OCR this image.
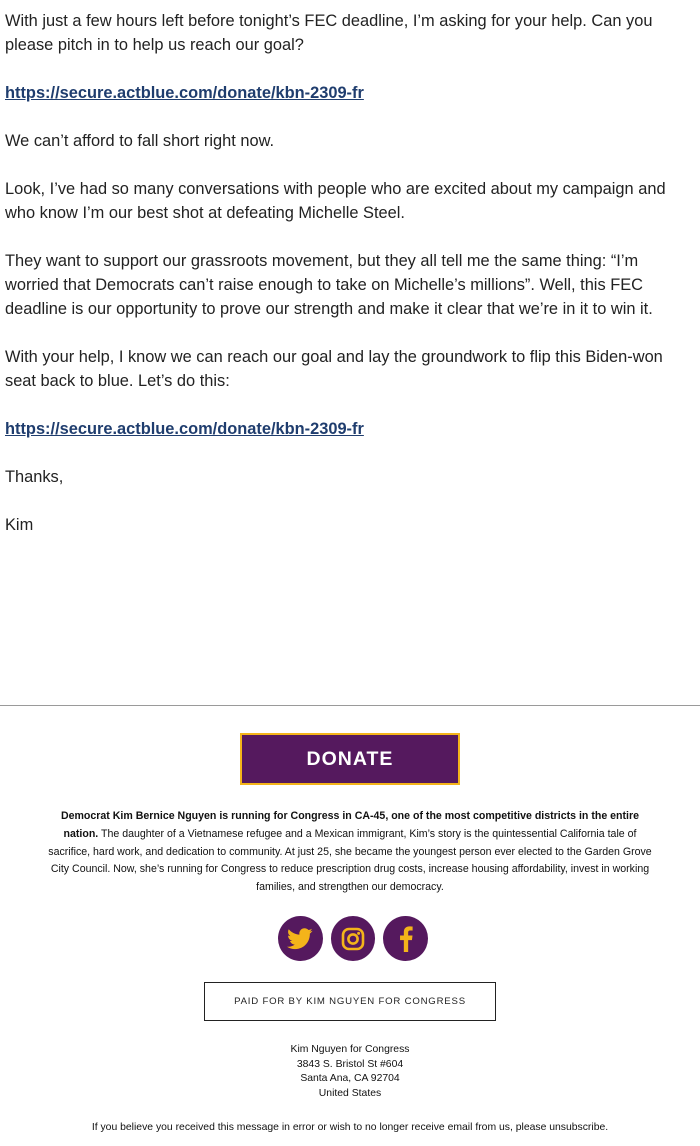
With just a few hours left before tonight’s FEC deadline, I’m asking for your help. Can you please pitch in to help us reach our goal?

https://secure.actblue.com/donate/kbn-2309-fr

We can’t afford to fall short right now.

Look, I’ve had so many conversations with people who are excited about my campaign and who know I’m our best shot at defeating Michelle Steel.

They want to support our grassroots movement, but they all tell me the same thing: “I’m worried that Democrats can’t raise enough to take on Michelle’s millions”. Well, this FEC deadline is our opportunity to prove our strength and make it clear that we’re in it to win it.

With your help, I know we can reach our goal and lay the groundwork to flip this Biden-won seat back to blue. Let’s do this:

https://secure.actblue.com/donate/kbn-2309-fr

Thanks,

Kim

DONATE
Democrat Kim Bernice Nguyen is running for Congress in CA-45, one of the most competitive districts in the entire nation. The daughter of a Vietnamese refugee and a Mexican immigrant, Kim’s story is the quintessential California tale of sacrifice, hard work, and dedication to community. At just 25, she became the youngest person ever elected to the Garden Grove City Council. Now, she’s running for Congress to reduce prescription drug costs, increase housing affordability, invest in working families, and strengthen our democracy.
PAID FOR BY KIM NGUYEN FOR CONGRESS
Kim Nguyen for Congress
3843 S. Bristol St #604
Santa Ana, CA 92704
United States
If you believe you received this message in error or wish to no longer receive email from us, please unsubscribe.
